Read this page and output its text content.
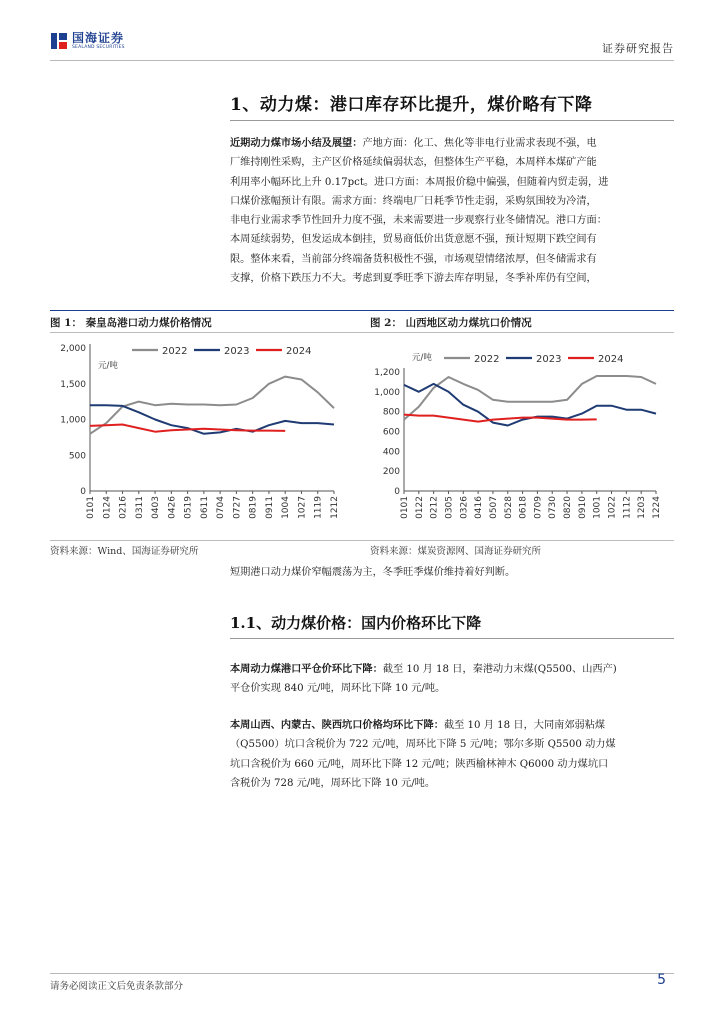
国海证券
SEALAND SECURITIES	证券研究报告
1、动力煤：港口库存环比提升，煤价略有下降
近期动力煤市场小结及展望：产地方面：化工、焦化等非电行业需求表现不强，电
厂维持刚性采购，主产区价格延续偏弱状态，但整体生产平稳，本周样本煤矿产能
利用率小幅环比上升 0.17pct。进口方面：本周报价稳中偏强，但随着内贸走弱，进
口煤价涨幅预计有限。需求方面：终端电厂日耗季节性走弱，采购氛围较为冷清，
非电行业需求季节性回升力度不强，未来需要进一步观察行业冬储情况。港口方面：
本周延续弱势，但发运成本倒挂，贸易商低价出货意愿不强，预计短期下跌空间有
限。整体来看，当前部分终端备货积极性不强，市场观望情绪浓厚，但冬储需求有
支撑，价格下跌压力不大。考虑到夏季旺季下游去库存明显，冬季补库仍有空间，
图 1： 秦皇岛港口动力煤价格情况	图 2： 山西地区动力煤坑口价情况
2,000
1,500
1,000
500
0
元/吨
0101 0124 0216 0311 0403 0426 0519 0611 0704 0727 0819 0911 1004 1027 1119 1212
2022	2023	2024
1,200
1,000
800
600
400
200
0
元/吨
0101 0122 0212 0305 0326 0416 0507 0528 0618 0709 0730 0820 0910 1001 1022 1112 1203 1224
2022	2023	2024
资料来源：Wind、国海证券研究所	资料来源：煤炭资源网、国海证券研究所
短期港口动力煤价窄幅震荡为主，冬季旺季煤价维持着好判断。
1.1、动力煤价格：国内价格环比下降
本周动力煤港口平仓价环比下降：截至 10 月 18 日，秦港动力末煤(Q5500、山西产)
平仓价实现 840 元/吨，周环比下降 10 元/吨。
本周山西、内蒙古、陕西坑口价格均环比下降：截至 10 月 18 日，大同南郊弱粘煤
（Q5500）坑口含税价为 722 元/吨，周环比下降 5 元/吨；鄂尔多斯 Q5500 动力煤
坑口含税价为 660 元/吨，周环比下降 12 元/吨；陕西榆林神木 Q6000 动力煤坑口
含税价为 728 元/吨，周环比下降 10 元/吨。
请务必阅读正文后免责条款部分	5
